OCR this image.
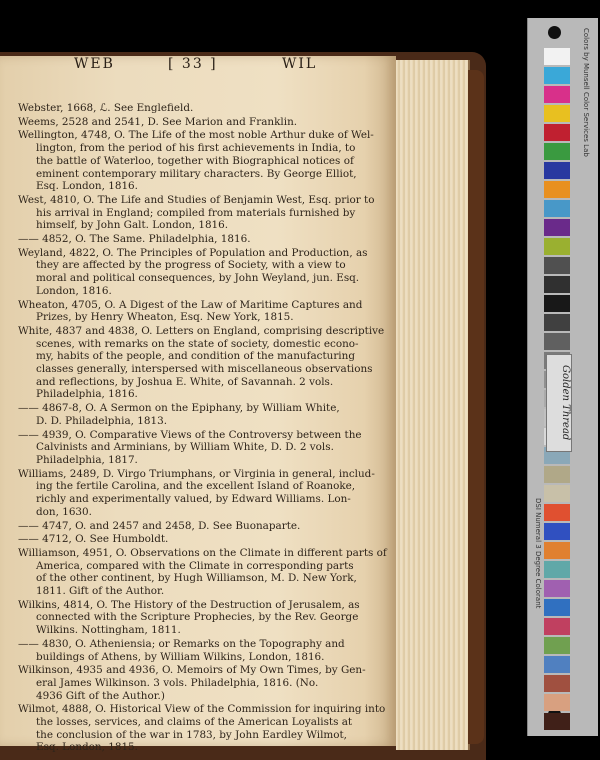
WEB	[ 33 ]	WIL
Webster, 1668, ℒ. See Englefield.
Weems, 2528 and 2541, D. See Marion and Franklin.
Wellington, 4748, O. The Life of the most noble Arthur duke of Wel-
lington, from the period of his first achievements in India, to
the battle of Waterloo, together with Biographical notices of
eminent contemporary military characters. By George Elliot,
Esq. London, 1816.
West, 4810, O. The Life and Studies of Benjamin West, Esq. prior to
his arrival in England; compiled from materials furnished by
himself, by John Galt. London, 1816.
—— 4852, O. The Same. Philadelphia, 1816.
Weyland, 4822, O. The Principles of Population and Production, as
they are affected by the progress of Society, with a view to
moral and political consequences, by John Weyland, jun. Esq.
London, 1816.
Wheaton, 4705, O. A Digest of the Law of Maritime Captures and
Prizes, by Henry Wheaton, Esq. New York, 1815.
White, 4837 and 4838, O. Letters on England, comprising descriptive
scenes, with remarks on the state of society, domestic econo-
my, habits of the people, and condition of the manufacturing
classes generally, interspersed with miscellaneous observations
and reflections, by Joshua E. White, of Savannah. 2 vols.
Philadelphia, 1816.
—— 4867-8, O. A Sermon on the Epiphany, by William White,
D. D. Philadelphia, 1813.
—— 4939, O. Comparative Views of the Controversy between the
Calvinists and Arminians, by William White, D. D. 2 vols.
Philadelphia, 1817.
Williams, 2489, D. Virgo Triumphans, or Virginia in general, includ-
ing the fertile Carolina, and the excellent Island of Roanoke,
richly and experimentally valued, by Edward Williams. Lon-
don, 1630.
—— 4747, O. and 2457 and 2458, D. See Buonaparte.
—— 4712, O. See Humboldt.
Williamson, 4951, O. Observations on the Climate in different parts of
America, compared with the Climate in corresponding parts
of the other continent, by Hugh Williamson, M. D. New York,
1811. Gift of the Author.
Wilkins, 4814, O. The History of the Destruction of Jerusalem, as
connected with the Scripture Prophecies, by the Rev. George
Wilkins. Nottingham, 1811.
—— 4830, O. Atheniensia; or Remarks on the Topography and
buildings of Athens, by William Wilkins, London, 1816.
Wilkinson, 4935 and 4936, O. Memoirs of My Own Times, by Gen-
eral James Wilkinson. 3 vols. Philadelphia, 1816. (No.
4936 Gift of the Author.)
Wilmot, 4888, O. Historical View of the Commission for inquiring into
the losses, services, and claims of the American Loyalists at
the conclusion of the war in 1783, by John Eardley Wilmot,
Esq. London, 1815.
Golden Thread
Colors by Munsell Color Services Lab
DSI Numeral 3 Degree Colorant
